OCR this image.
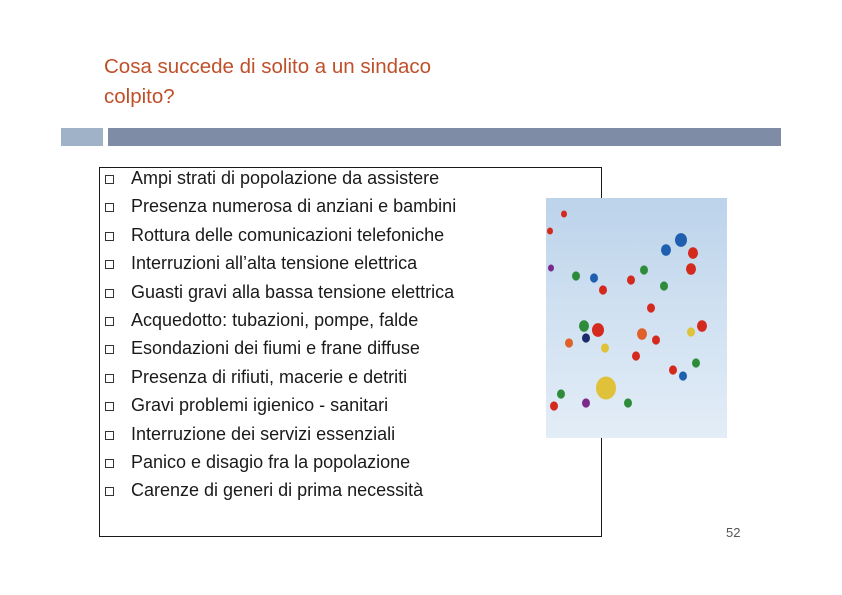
Cosa succede di solito a un sindaco
colpito?
Ampi strati di popolazione da assistere
Presenza numerosa di anziani e bambini
Rottura delle comunicazioni telefoniche
Interruzioni all’alta tensione elettrica
Guasti gravi alla bassa tensione elettrica
Acquedotto: tubazioni, pompe, falde
Esondazioni dei fiumi e frane diffuse
Presenza di rifiuti, macerie e detriti
Gravi problemi igienico - sanitari
Interruzione dei servizi essenziali
Panico e disagio fra la popolazione
Carenze di generi di prima necessità
52
